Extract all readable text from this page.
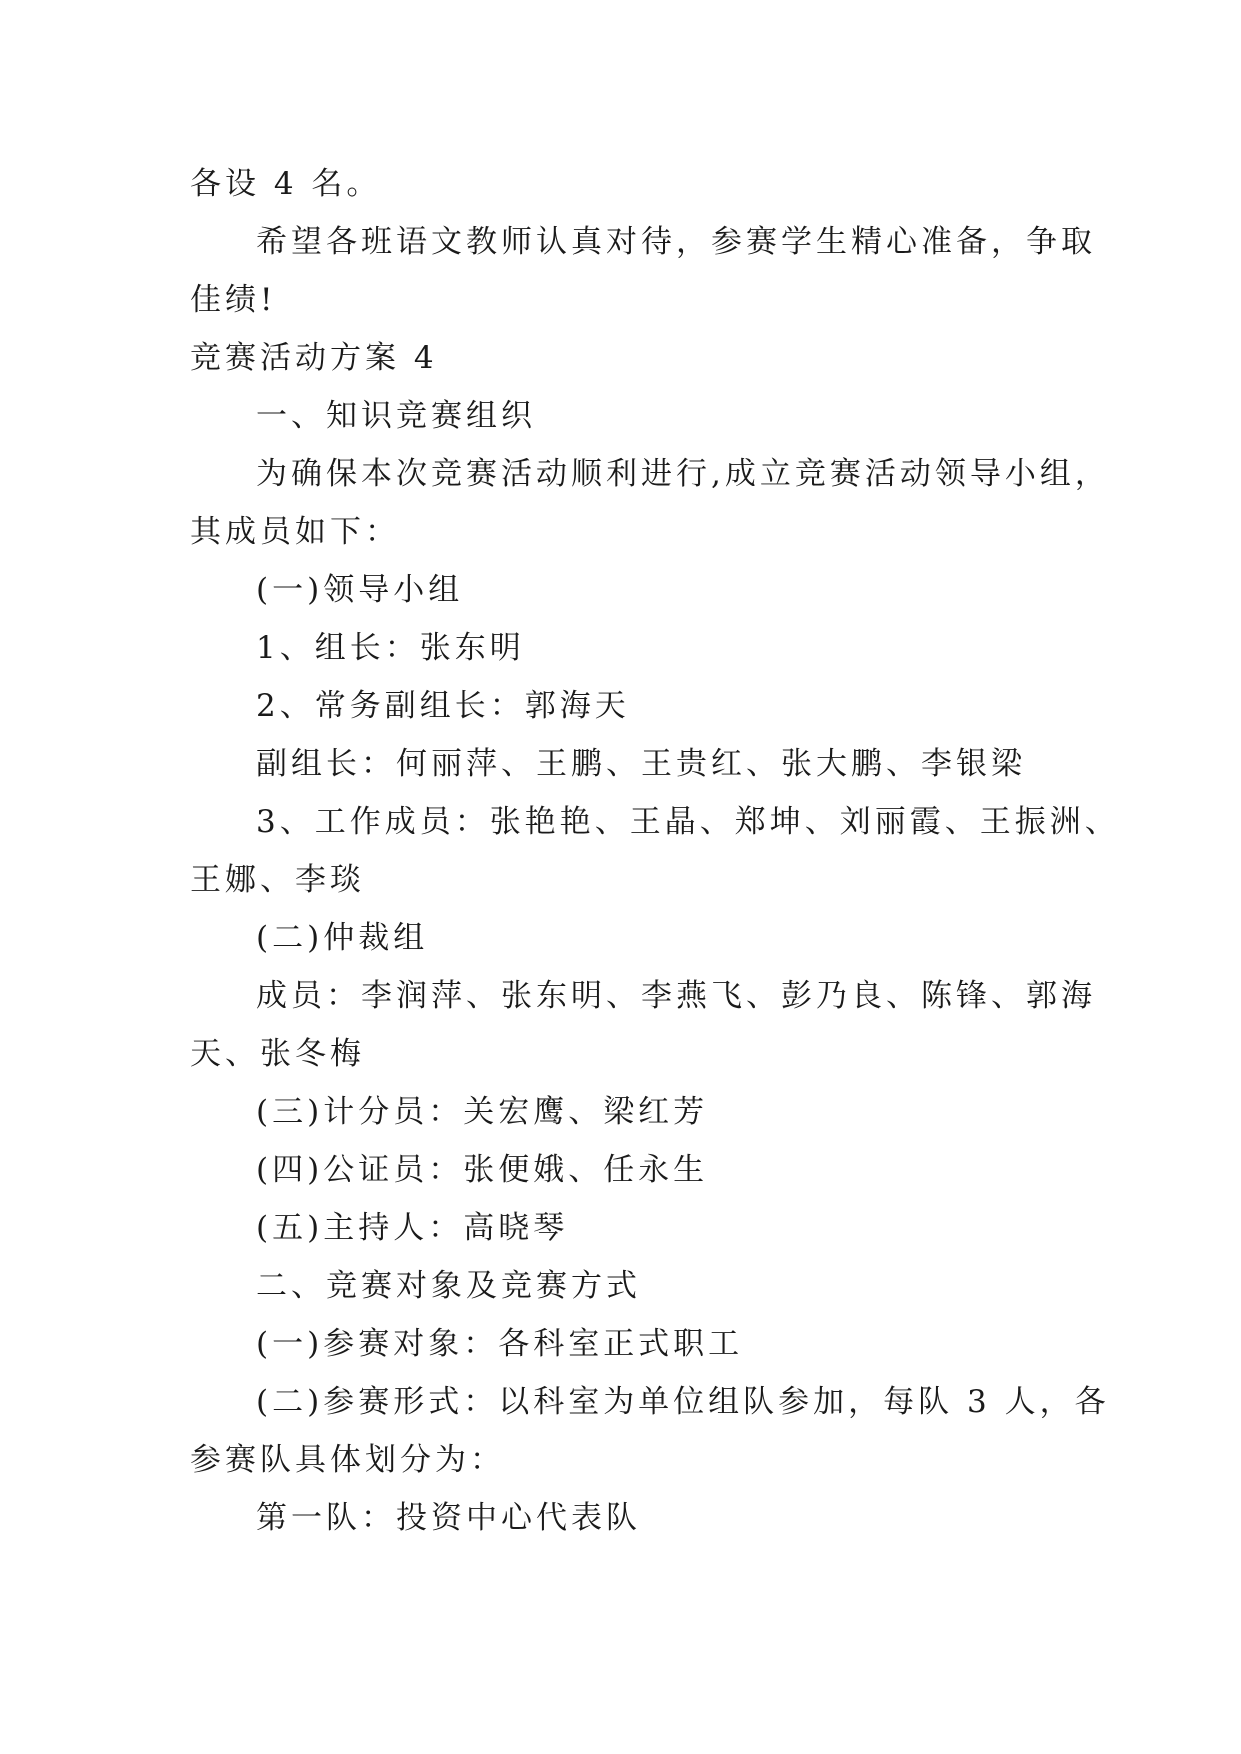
各设 4 名。
希望各班语文教师认真对待，参赛学生精心准备，争取
佳绩!
竞赛活动方案 4
一、知识竞赛组织
为确保本次竞赛活动顺利进行,成立竞赛活动领导小组，
其成员如下：
(一)领导小组
1、组长：张东明
2、常务副组长：郭海天
副组长：何丽萍、王鹏、王贵红、张大鹏、李银梁
3、工作成员：张艳艳、王晶、郑坤、刘丽霞、王振洲、
王娜、李琰
(二)仲裁组
成员：李润萍、张东明、李燕飞、彭乃良、陈锋、郭海
天、张冬梅
(三)计分员：关宏鹰、梁红芳
(四)公证员：张便娥、任永生
(五)主持人：高晓琴
二、竞赛对象及竞赛方式
(一)参赛对象：各科室正式职工
(二)参赛形式：以科室为单位组队参加，每队 3 人，各
参赛队具体划分为：
第一队：投资中心代表队
